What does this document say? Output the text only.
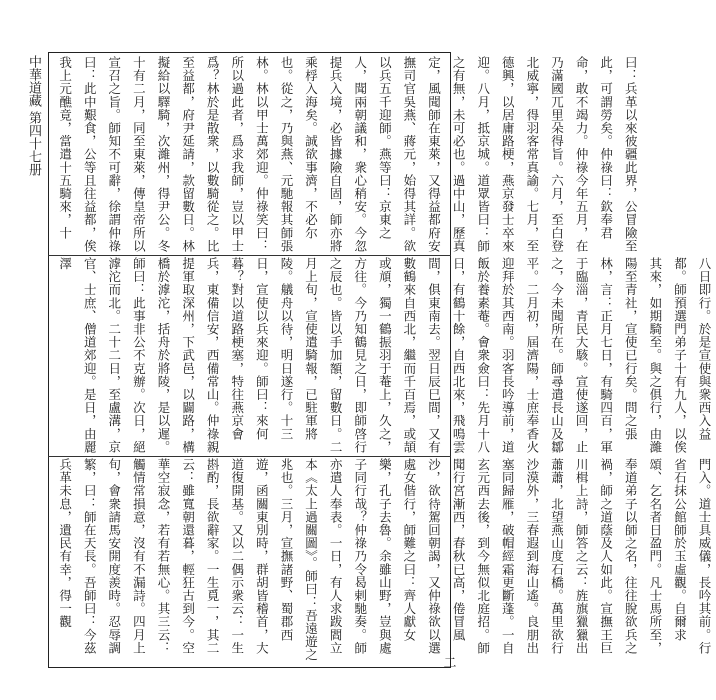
中華道藏 第四十七册	曰：兵革以來彼疆此界，公冒險至此，可謂勞矣。仲祿曰：欽奉君命，敢不竭力。仲祿今年五月，在乃滿國兀里朵得旨。六月，至白登北威寧，得羽客常真諭。七月，至德興，以居庸路梗，燕京發士卒來迎。八月，抵京城。道眾皆曰：師之有無，未可必也。過中山，歷真定，風聞師在東萊，又得益都府安撫司官吳燕、蔣元，始得其詳。欲以兵五千迎師。燕等曰：京東之人，聞兩朝議和，衆心稍安。今忽提兵入境，必皆據險自固，師亦將乘桴入海矣。誠欲事濟，不必尔也。從之，乃與燕、元馳報其師張林。林以甲士萬郊迎。仲祿笑曰：所以過此者，爲求我師，豈以甲士爲？林於是散衆，以數騎從之。比至益都，府尹延請，款留數日。林擬給以驛騎，次濰州，得尹公。冬十有二月，同至東萊，傳皇帝所以宣召之旨。師知不可辭，徐謂仲祿曰：此中艱食，公等且往益都，俟我上元醮竟，當遣十五騎來，十
八日即行。於是宣使與衆西入益都。師預選門弟子十有九人，以俟其來，如期騎至。與之俱行，由濰陽至青社，宣使已行矣。問之張林，言：正月七日，有騎四百，軍于臨淄，青民大駭。宣使遂回，止之，今未聞所在。師尋遣長山及鄒平。二月初，屆濟陽，士庶奉香火迎拜於其西南。羽客長吟導前，道飯於養素菴。會衆僉曰：先月十八日，有鶴十餘，自西北來，飛鳴雲間，俱東南去。翌日辰巳間，又有數鶴來自西北，繼而千百焉，或頡或頏，獨一鶴振羽于菴上，久之，方往。今乃知鶴見之日，即師啓行之辰也。皆以手加額，留數日。二月上旬，宣使遣騎報，已駐軍將陵。艤舟以待，明日遂行。十三日，宣使以兵來迎。師曰：來何暮？對以道路梗塞，特往燕京會兵，東備信安，西備常山。仲祿親提軍取深州，下武邑，以闢路，構橋於滹沱，括舟於將陵，是以遲。師曰：此事非公不克辦。次日，絕滹沱而北。二十二日，至盧溝，京官、士庶、僧道郊迎。是日，由麗澤
門入。道士具威儀，長吟其前。行省石抹公館師於玉虛觀。自爾求頌、乞名者日盈門。凡士馬所至，奉道弟子以師之名，往往脫欲兵之禍，師之道蔭及人如此。宣撫王巨川楫上詩，師答之云：旌旗獵獵出蕭蕭，北望燕山度石橋。萬里欲行沙漠外，三春遐到海山遙。良朋出塞同歸雁，破帽經霜更斷蓬。一自玄元西去後，到今無似北庭招。師聞行宮漸西，春秋已高，倦冒風沙，欲待駕回朝謁，又仲祿欲以選處女偕行，師難之曰：齊人獻女樂，孔子去魯。余雖山野，豈與處子同行哉？仲祿乃令曷剌馳奏。師亦遣人奉表。一日，有人求跋閻立本《太上過關圖》。師曰：吾遠遊之兆也。三月，宣撫諸野、蜀郡西遊，函關東別時，群胡皆稽首，大道復開基。又以二偶示衆云：一生斟酌，長欲辭家。一生覓一，其二云：雖寬朝還暮，輕狂古到今。空華空寂念，若有若無心。其三云：觸情常損意，沒有不漏詩。四月上旬，會衆請馬安開度羨時。忍辱調繁，曰：師在天長。吾師曰：今茲兵革未息，遺民有幸，得一觀
二
